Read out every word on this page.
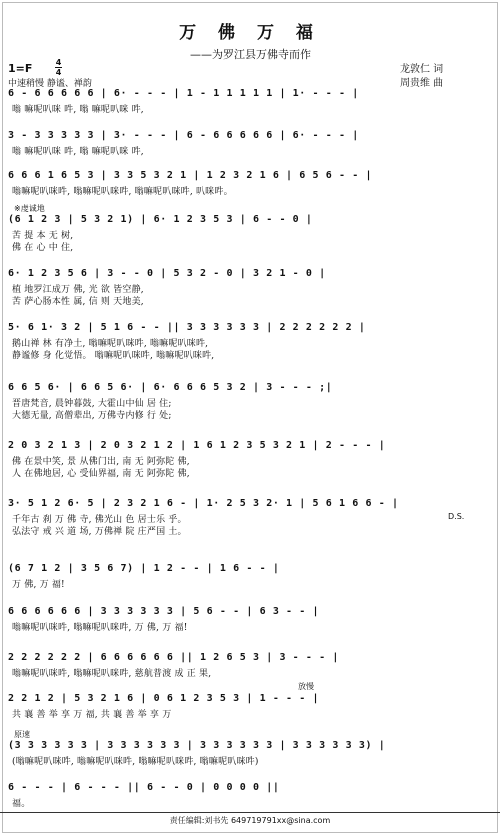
万 佛 万 福
——为罗江县万佛寺而作
1=F	4
4
中速稍慢 静谧、禅韵
龙敦仁 词
周贵维 曲
6 - 6 6 6 6 6 | 6· - - - | 1 - 1 1 1 1 1 | 1· - - - |
嗡 嘛呢叭咪 吽, 嗡 嘛呢叭咪 吽,
3 - 3 3 3 3 3 | 3· - - - | 6 - 6 6 6 6 6 | 6· - - - |
嗡 嘛呢叭咪 吽, 嗡 嘛呢叭咪 吽,
6 6 6 1 6 5 3 | 3 3 5 3 2 1 | 1 2 3 2 1 6 | 6 5 6 - - |
嗡嘛呢叭咪吽, 嗡嘛呢叭咪吽, 嗡嘛呢叭咪吽, 叭咪吽。
※虔诚地
(6 1 2 3 | 5 3 2 1) | 6· 1 2 3 5 3 | 6 - - 0 |
苦 提 本 无 树,
佛 在 心 中 住,
6· 1 2 3 5 6 | 3 - - 0 | 5 3 2 - 0 | 3 2 1 - 0 |
植 地罗江成万 佛, 光 欲 皆空静,
苦 萨心肠本性 属, 信 则 天地美,
5· 6 1· 3 2 | 5 1 6 - - || 3 3 3 3 3 3 | 2 2 2 2 2 2 |
鹅山禅 林 有净土, 嗡嘛呢叭咪吽, 嗡嘛呢叭咪吽,
静谧修 身 化觉悟。 嗡嘛呢叭咪吽, 嗡嘛呢叭咪吽,
6 6 5 6· | 6 6 5 6· | 6· 6 6 6 5 3 2 | 3 - - - ;|
晋唐梵音, 晨钟暮鼓, 大霍山中仙 居 住;
大德无量, 高僧辈出, 万佛寺内修 行 处;
2 0 3 2 1 3 | 2 0 3 2 1 2 | 1 6 1 2 3 5 3 2 1 | 2 - - - |
佛 在景中笑, 景 从佛门出, 南 无 阿弥陀 佛,
人 在佛地居, 心 受仙界福, 南 无 阿弥陀 佛,
D.S.
3· 5 1 2 6· 5 | 2 3 2 1 6 - | 1· 2 5 3 2· 1 | 5 6 1 6 6 - |
千年古 刹 万 佛 寺, 佛光山 色 居士乐 乎。
弘法守 戒 兴 道 场, 万佛禅 院 庄严国 土。
(6 7 1 2 | 3 5 6 7) | 1 2 - - | 1 6 - - |
万 佛, 万 福!
6 6 6 6 6 6 | 3 3 3 3 3 3 | 5 6 - - | 6 3 - - |
嗡嘛呢叭咪吽, 嗡嘛呢叭咪吽, 万 佛, 万 福!
2 2 2 2 2 2 | 6 6 6 6 6 6 || 1 2 6 5 3 | 3 - - - |
嗡嘛呢叭咪吽, 嗡嘛呢叭咪吽, 慈航普渡 成 正 果,
放慢
2 2 1 2 | 5 3 2 1 6 | 0 6 1 2 3 5 3 | 1 - - - |
共 襄 善 举 享 万 福, 共 襄 善 举 享 万
原速
(3 3 3 3 3 3 | 3 3 3 3 3 3 | 3 3 3 3 3 3 | 3 3 3 3 3 3) |
(嗡嘛呢叭咪吽, 嗡嘛呢叭咪吽, 嗡嘛呢叭咪吽, 嗡嘛呢叭咪吽)
6 - - - | 6 - - - || 6 - - 0 | 0 0 0 0 ||
福。
责任编辑:刘书先 649719791xx@sina.com
